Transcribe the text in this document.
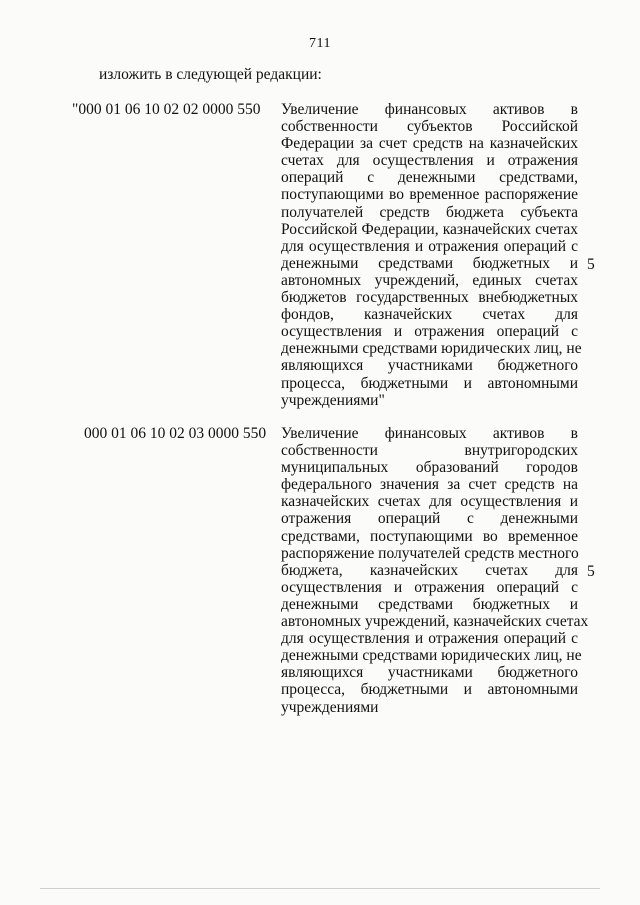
711
изложить в следующей редакции:
"000 01 06 10 02 02 0000 550 Увеличение финансовых активов в
собственности субъектов Российской
Федерации за счет средств на казначейских
счетах для осуществления и отражения
операций с денежными средствами,
поступающими во временное распоряжение
получателей средств бюджета субъекта
Российской Федерации, казначейских счетах
для осуществления и отражения операций с
денежными средствами бюджетных и
автономных учреждений, единых счетах
бюджетов государственных внебюджетных
фондов, казначейских счетах для
осуществления и отражения операций с
денежными средствами юридических лиц, не
являющихся участниками бюджетного
процесса, бюджетными и автономными
учреждениями"
5
000 01 06 10 02 03 0000 550 Увеличение финансовых активов в
собственности внутригородских
муниципальных образований городов
федерального значения за счет средств на
казначейских счетах для осуществления и
отражения операций с денежными
средствами, поступающими во временное
распоряжение получателей средств местного
бюджета, казначейских счетах для
осуществления и отражения операций с
денежными средствами бюджетных и
автономных учреждений, казначейских счетах
для осуществления и отражения операций с
денежными средствами юридических лиц, не
являющихся участниками бюджетного
процесса, бюджетными и автономными
учреждениями
5
